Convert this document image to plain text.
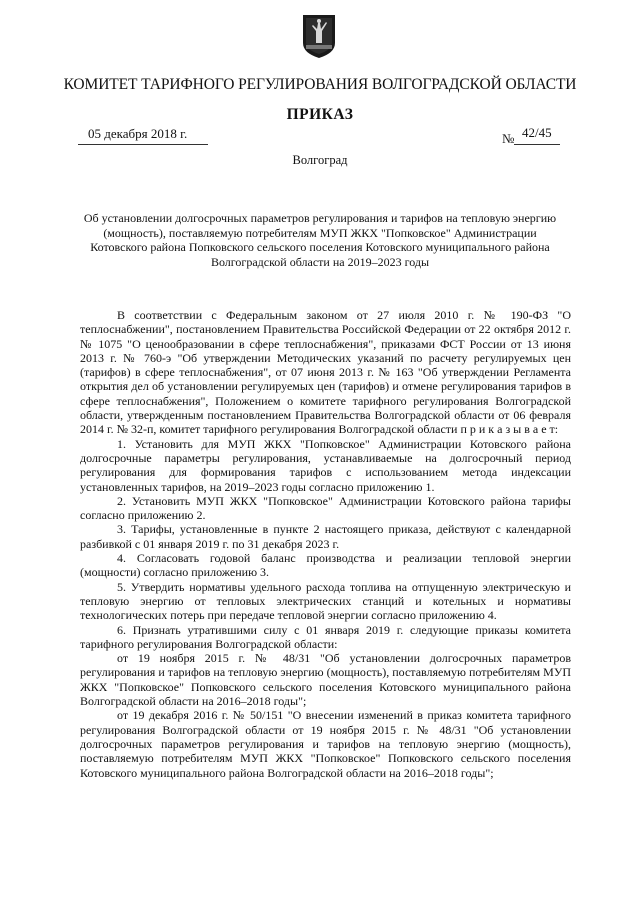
КОМИТЕТ ТАРИФНОГО РЕГУЛИРОВАНИЯ ВОЛГОГРАДСКОЙ ОБЛАСТИ
ПРИКАЗ
05 декабря 2018 г.	№ 42/45
Волгоград
Об установлении долгосрочных параметров регулирования и тарифов на тепловую энергию (мощность), поставляемую потребителям МУП ЖКХ "Попковское" Администрации Котовского района Попковского сельского поселения Котовского муниципального района Волгоградской области на 2019–2023 годы

В соответствии с Федеральным законом от 27 июля 2010 г. № 190-ФЗ "О теплоснабжении", постановлением Правительства Российской Федерации от 22 октября 2012 г. № 1075 "О ценообразовании в сфере теплоснабжения", приказами ФСТ России от 13 июня 2013 г. № 760-э "Об утверждении Методических указаний по расчету регулируемых цен (тарифов) в сфере теплоснабжения", от 07 июня 2013 г. № 163 "Об утверждении Регламента открытия дел об установлении регулируемых цен (тарифов) и отмене регулирования тарифов в сфере теплоснабжения", Положением о комитете тарифного регулирования Волгоградской области, утвержденным постановлением Правительства Волгоградской области от 06 февраля 2014 г. № 32-п, комитет тарифного регулирования Волгоградской области п р и к а з ы в а е т:

1. Установить для МУП ЖКХ "Попковское" Администрации Котовского района долгосрочные параметры регулирования, устанавливаемые на долгосрочный период регулирования для формирования тарифов с использованием метода индексации установленных тарифов, на 2019–2023 годы согласно приложению 1.

2. Установить МУП ЖКХ "Попковское" Администрации Котовского района тарифы согласно приложению 2.

3. Тарифы, установленные в пункте 2 настоящего приказа, действуют с календарной разбивкой с 01 января 2019 г. по 31 декабря 2023 г.

4. Согласовать годовой баланс производства и реализации тепловой энергии (мощности) согласно приложению 3.

5. Утвердить нормативы удельного расхода топлива на отпущенную электрическую и тепловую энергию от тепловых электрических станций и котельных и нормативы технологических потерь при передаче тепловой энергии согласно приложению 4.

6. Признать утратившими силу с 01 января 2019 г. следующие приказы комитета тарифного регулирования Волгоградской области:

от 19 ноября 2015 г. № 48/31 "Об установлении долгосрочных параметров регулирования и тарифов на тепловую энергию (мощность), поставляемую потребителям МУП ЖКХ "Попковское" Попковского сельского поселения Котовского муниципального района Волгоградской области на 2016–2018 годы";

от 19 декабря 2016 г. № 50/151 "О внесении изменений в приказ комитета тарифного регулирования Волгоградской области от 19 ноября 2015 г. № 48/31 "Об установлении долгосрочных параметров регулирования и тарифов на тепловую энергию (мощность), поставляемую потребителям МУП ЖКХ "Попковское" Попковского сельского поселения Котовского муниципального района Волгоградской области на 2016–2018 годы";
